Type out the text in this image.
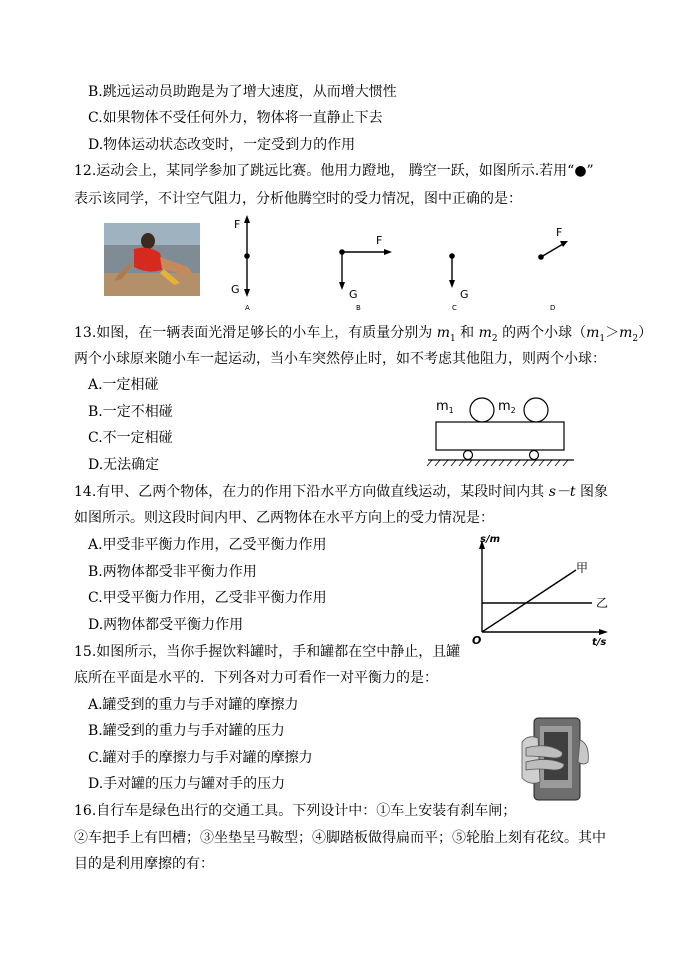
B.跳远运动员助跑是为了增大速度，从而增大惯性
C.如果物体不受任何外力，物体将一直静止下去
D.物体运动状态改变时，一定受到力的作用
12.运动会上，某同学参加了跳远比赛。他用力蹬地， 腾空一跃，如图所示.若用“●”
表示该同学，不计空气阻力，分析他腾空时的受力情况，图中正确的是：
F
G
A
F
G
B
G
C
F
D
13.如图，在一辆表面光滑足够长的小车上，有质量分别为 $m_1$ 和 $m_2$ 的两个小球$(m_1>m_2)$
两个小球原来随小车一起运动，当小车突然停止时，如不考虑其他阻力，则两个小球：
A.一定相碰
B.一定不相碰
C.不一定相碰
D.无法确定
$m_1$	$m_2$
14.有甲、乙两个物体，在力的作用下沿水平方向做直线运动，某段时间内其 s－t 图象
如图所示。则这段时间内甲、乙两物体在水平方向上的受力情况是：
A.甲受非平衡力作用，乙受平衡力作用
B.两物体都受非平衡力作用
C.甲受平衡力作用，乙受非平衡力作用
D.两物体都受平衡力作用
s/m
t/s
O
甲
乙
15.如图所示，当你手握饮料罐时，手和罐都在空中静止，且罐
底所在平面是水平的．下列各对力可看作一对平衡力的是：
A.罐受到的重力与手对罐的摩擦力
B.罐受到的重力与手对罐的压力
C.罐对手的摩擦力与手对罐的摩擦力
D.手对罐的压力与罐对手的压力
16.自行车是绿色出行的交通工具。下列设计中：①车上安装有刹车闸；
②车把手上有凹槽；③坐垫呈马鞍型；④脚踏板做得扁而平；⑤轮胎上刻有花纹。其中
目的是利用摩擦的有：
